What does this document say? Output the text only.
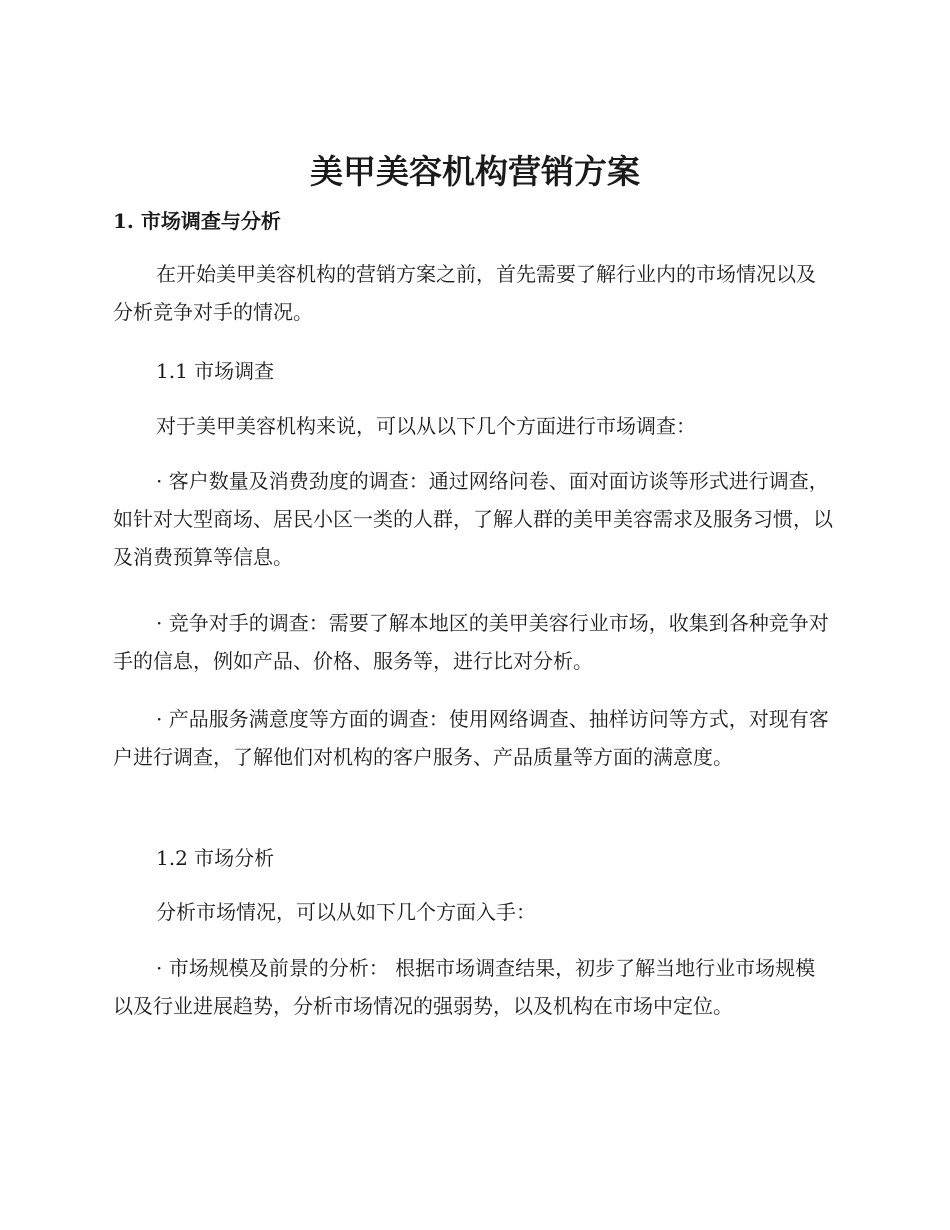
美甲美容机构营销方案

1. 市场调查与分析

在开始美甲美容机构的营销方案之前，首先需要了解行业内的市场情况以及分析竞争对手的情况。

1.1 市场调查

对于美甲美容机构来说，可以从以下几个方面进行市场调查：

· 客户数量及消费劲度的调查：通过网络问卷、面对面访谈等形式进行调查，如针对大型商场、居民小区一类的人群，了解人群的美甲美容需求及服务习惯，以及消费预算等信息。

· 竞争对手的调查：需要了解本地区的美甲美容行业市场，收集到各种竞争对手的信息，例如产品、价格、服务等，进行比对分析。

· 产品服务满意度等方面的调查：使用网络调查、抽样访问等方式，对现有客户进行调查，了解他们对机构的客户服务、产品质量等方面的满意度。

1.2 市场分析

分析市场情况，可以从如下几个方面入手：

· 市场规模及前景的分析： 根据市场调查结果，初步了解当地行业市场规模以及行业进展趋势，分析市场情况的强弱势，以及机构在市场中定位。
